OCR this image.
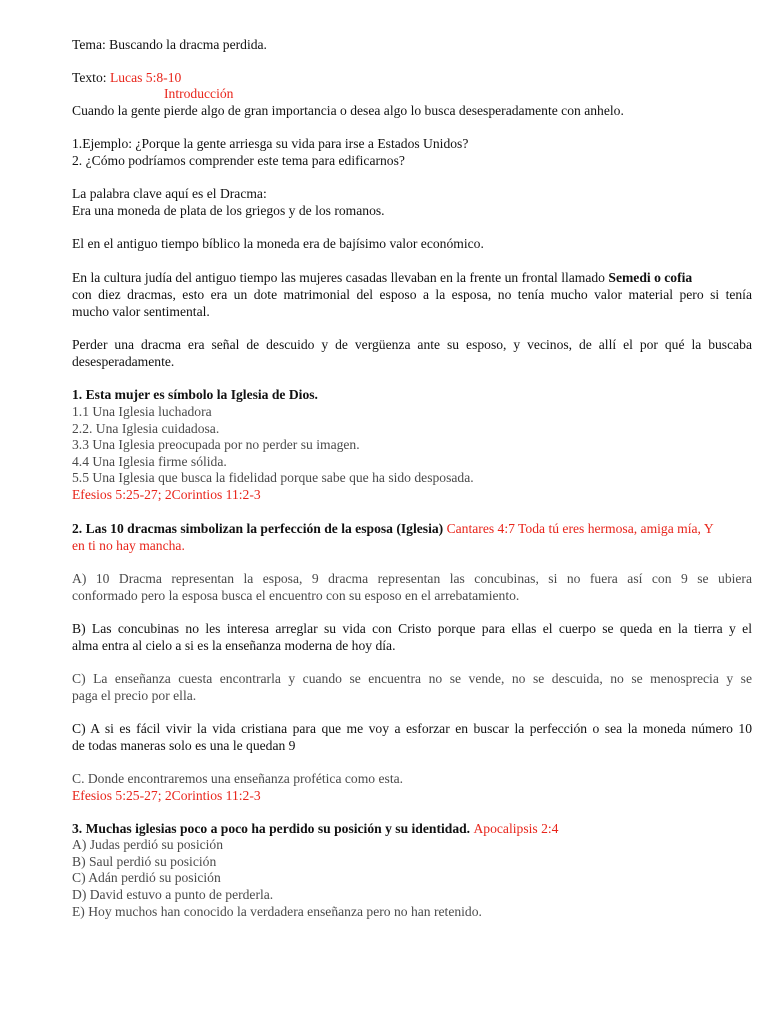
Tema: Buscando la dracma perdida.
Texto: Lucas 5:8-10
Introducción
Cuando la gente pierde algo de gran importancia o desea algo lo busca desesperadamente con anhelo.
1.Ejemplo: ¿Porque la gente arriesga su vida para irse a Estados Unidos?
2. ¿Cómo podríamos comprender este tema para edificarnos?
La palabra clave aquí es el Dracma:
Era una moneda de plata de los griegos y de los romanos.
El en el antiguo tiempo bíblico la moneda era de bajísimo valor económico.
En la cultura judía del antiguo tiempo las mujeres casadas llevaban en la frente un frontal llamado Semedi o cofia
con diez dracmas, esto era un dote matrimonial del esposo a la esposa, no tenía mucho valor material pero si tenía
mucho valor sentimental.
Perder una dracma era señal de descuido y de vergüenza ante su esposo, y vecinos, de allí el por qué la buscaba
desesperadamente.
1. Esta mujer es símbolo la Iglesia de Dios.
1.1 Una Iglesia luchadora
2.2. Una Iglesia cuidadosa.
3.3 Una Iglesia preocupada por no perder su imagen.
4.4 Una Iglesia firme sólida.
5.5 Una Iglesia que busca la fidelidad porque sabe que ha sido desposada.
Efesios 5:25-27; 2Corintios 11:2-3
2. Las 10 dracmas simbolizan la perfección de la esposa (Iglesia) Cantares 4:7 Toda tú eres hermosa, amiga mía, Y
en ti no hay mancha.
A) 10 Dracma representan la esposa, 9 dracma representan las concubinas, si no fuera así con 9 se ubiera
conformado pero la esposa busca el encuentro con su esposo en el arrebatamiento.
B) Las concubinas no les interesa arreglar su vida con Cristo porque para ellas el cuerpo se queda en la tierra y el
alma entra al cielo a si es la enseñanza moderna de hoy día.
C) La enseñanza cuesta encontrarla y cuando se encuentra no se vende, no se descuida, no se menosprecia y se
paga el precio por ella.
C) A si es fácil vivir la vida cristiana para que me voy a esforzar en buscar la perfección o sea la moneda número 10
de todas maneras solo es una le quedan 9
C. Donde encontraremos una enseñanza profética como esta.
Efesios 5:25-27; 2Corintios 11:2-3
3. Muchas iglesias poco a poco ha perdido su posición y su identidad. Apocalipsis 2:4
A) Judas perdió su posición
B) Saul perdió su posición
C) Adán perdió su posición
D) David estuvo a punto de perderla.
E) Hoy muchos han conocido la verdadera enseñanza pero no han retenido.
